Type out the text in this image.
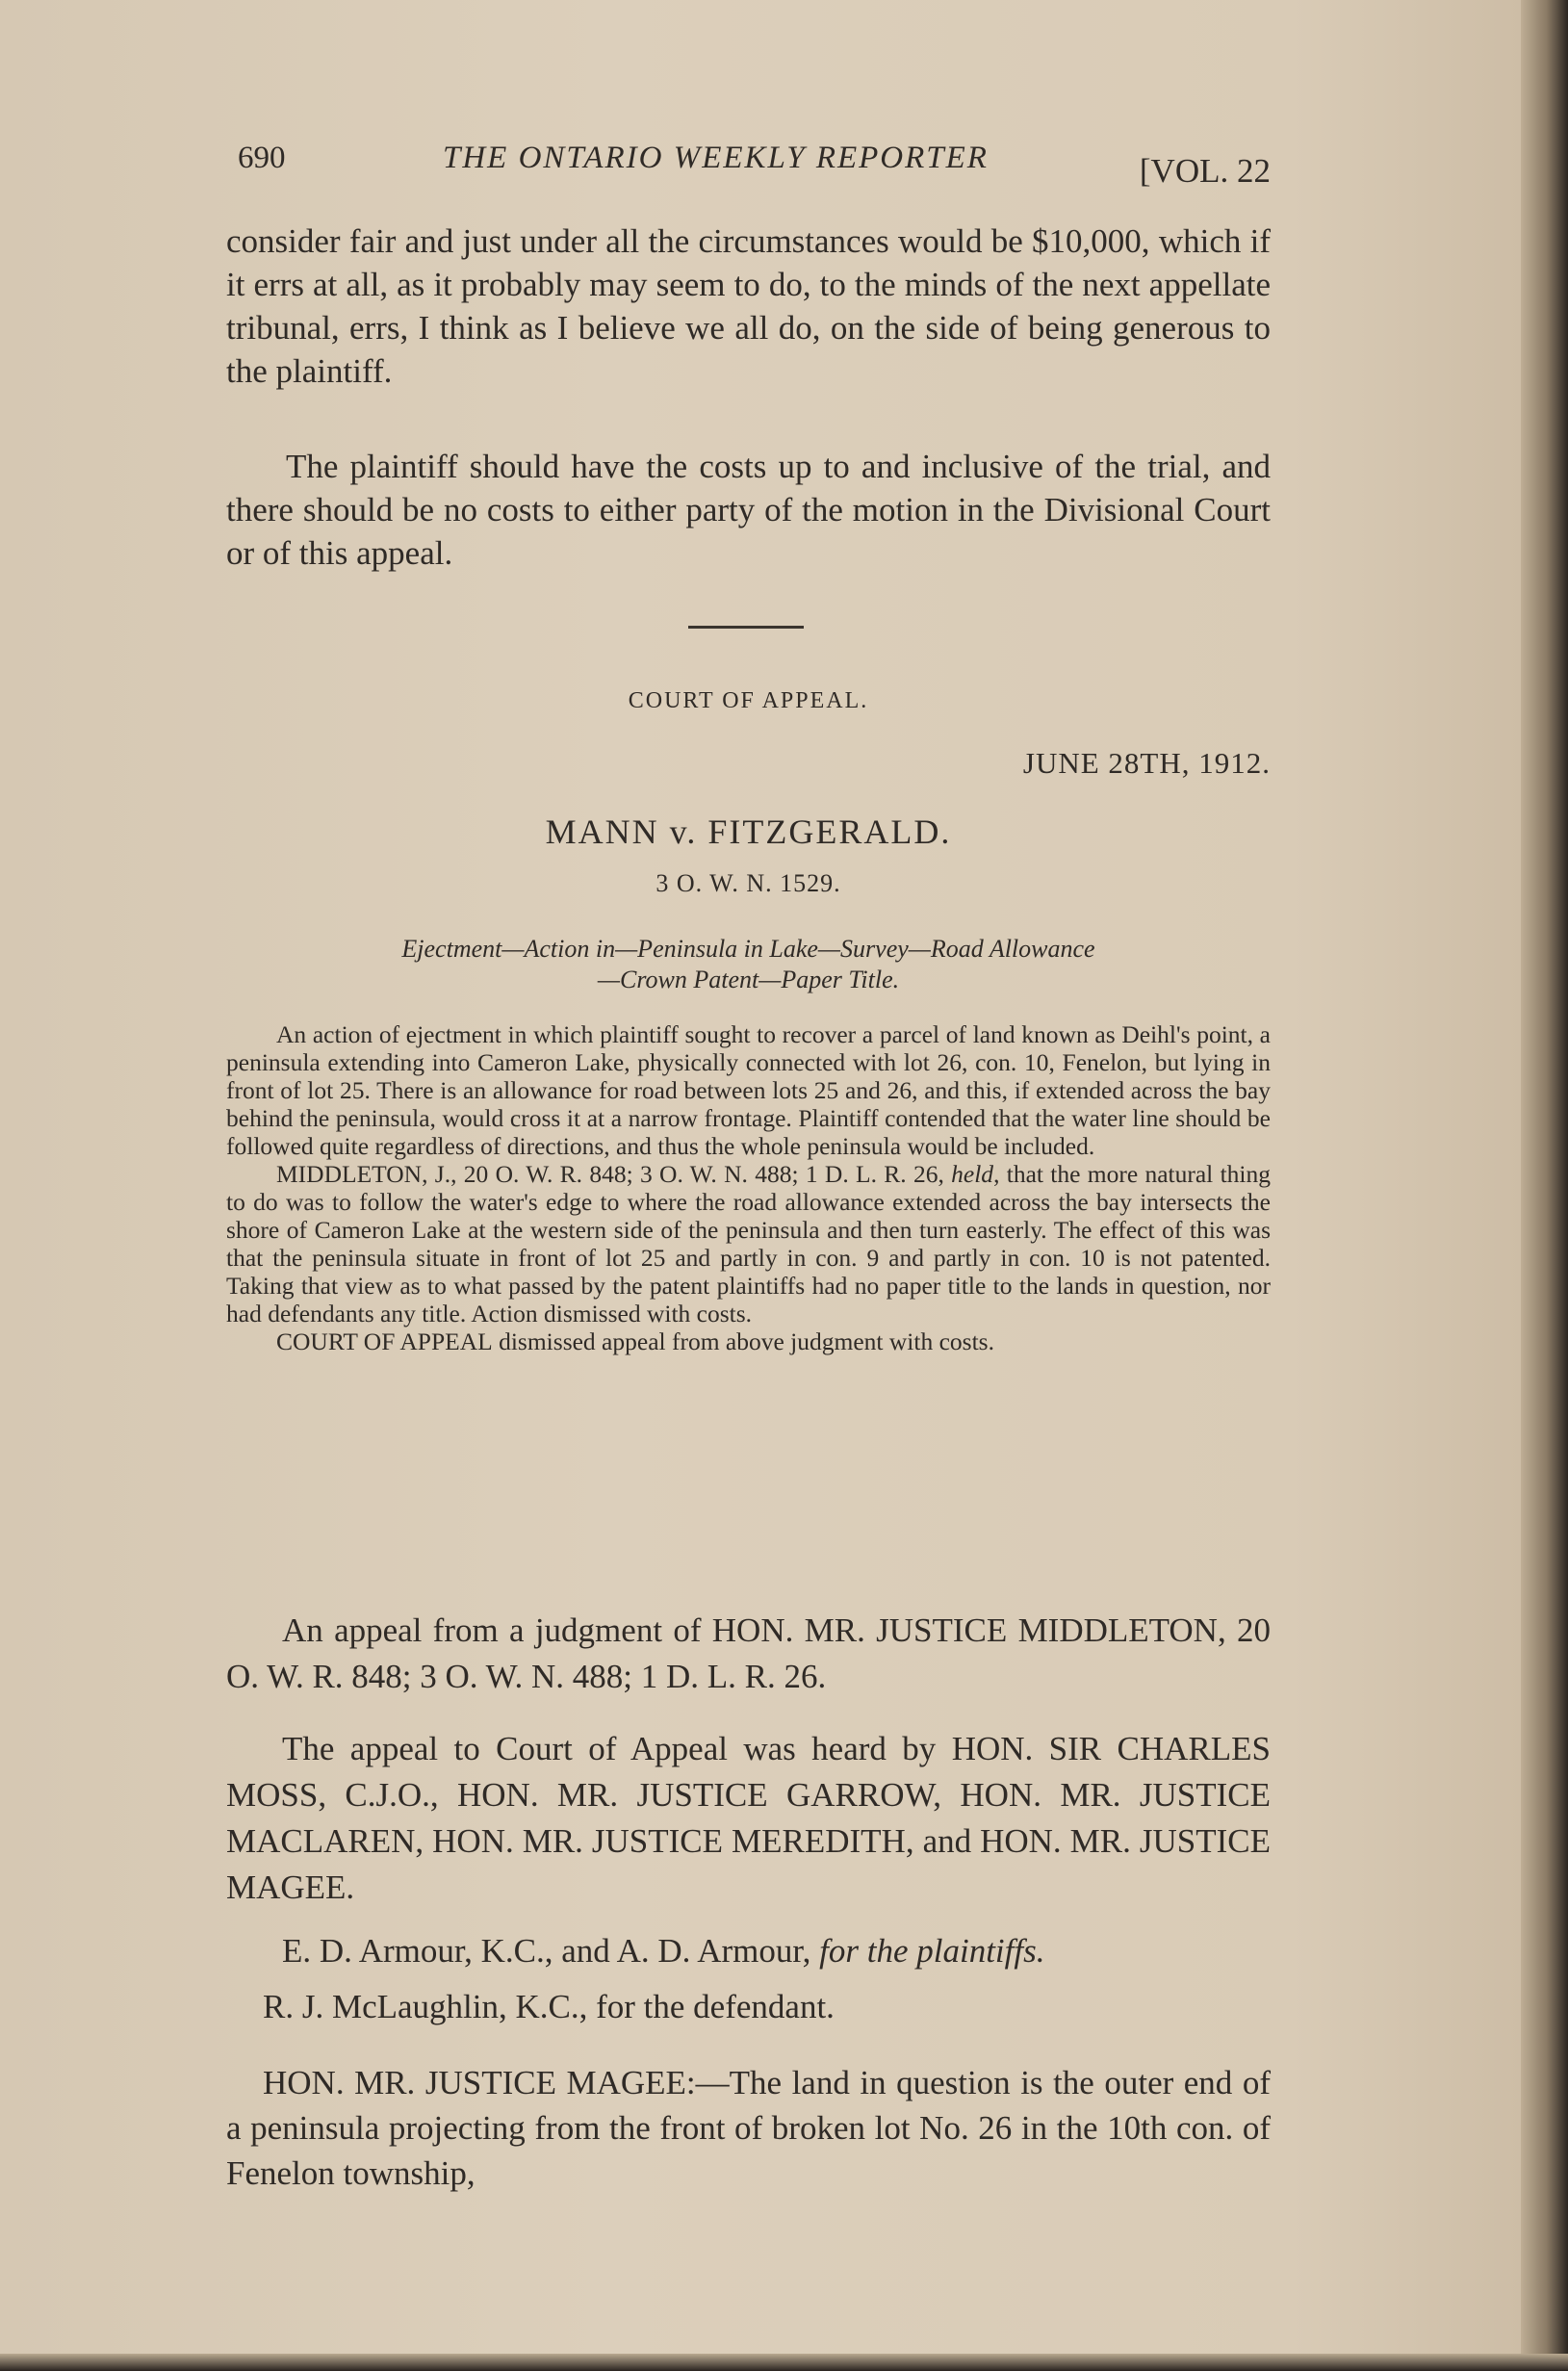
690	THE ONTARIO WEEKLY REPORTER	[VOL. 22
consider fair and just under all the circumstances would be $10,000, which if it errs at all, as it probably may seem to do, to the minds of the next appellate tribunal, errs, I think as I believe we all do, on the side of being generous to the plaintiff.
The plaintiff should have the costs up to and inclusive of the trial, and there should be no costs to either party of the motion in the Divisional Court or of this appeal.
COURT OF APPEAL.
JUNE 28TH, 1912.
MANN v. FITZGERALD.
3 O. W. N. 1529.
Ejectment—Action in—Peninsula in Lake—Survey—Road Allowance
—Crown Patent—Paper Title.

An action of ejectment in which plaintiff sought to recover a parcel of land known as Deihl's point, a peninsula extending into Cameron Lake, physically connected with lot 26, con. 10, Fenelon, but lying in front of lot 25. There is an allowance for road between lots 25 and 26, and this, if extended across the bay behind the peninsula, would cross it at a narrow frontage. Plaintiff contended that the water line should be followed quite regardless of directions, and thus the whole peninsula would be included.

MIDDLETON, J., 20 O. W. R. 848; 3 O. W. N. 488; 1 D. L. R. 26, held, that the more natural thing to do was to follow the water's edge to where the road allowance extended across the bay intersects the shore of Cameron Lake at the western side of the peninsula and then turn easterly. The effect of this was that the peninsula situate in front of lot 25 and partly in con. 9 and partly in con. 10 is not patented. Taking that view as to what passed by the patent plaintiffs had no paper title to the lands in question, nor had defendants any title. Action dismissed with costs.

COURT OF APPEAL dismissed appeal from above judgment with costs.

An appeal from a judgment of HON. MR. JUSTICE MIDDLETON, 20 O. W. R. 848; 3 O. W. N. 488; 1 D. L. R. 26.
The appeal to Court of Appeal was heard by HON. SIR CHARLES MOSS, C.J.O., HON. MR. JUSTICE GARROW, HON. MR. JUSTICE MACLAREN, HON. MR. JUSTICE MEREDITH, and HON. MR. JUSTICE MAGEE.
E. D. Armour, K.C., and A. D. Armour, for the plaintiffs.
R. J. McLaughlin, K.C., for the defendant.
HON. MR. JUSTICE MAGEE:—The land in question is the outer end of a peninsula projecting from the front of broken lot No. 26 in the 10th con. of Fenelon township,
